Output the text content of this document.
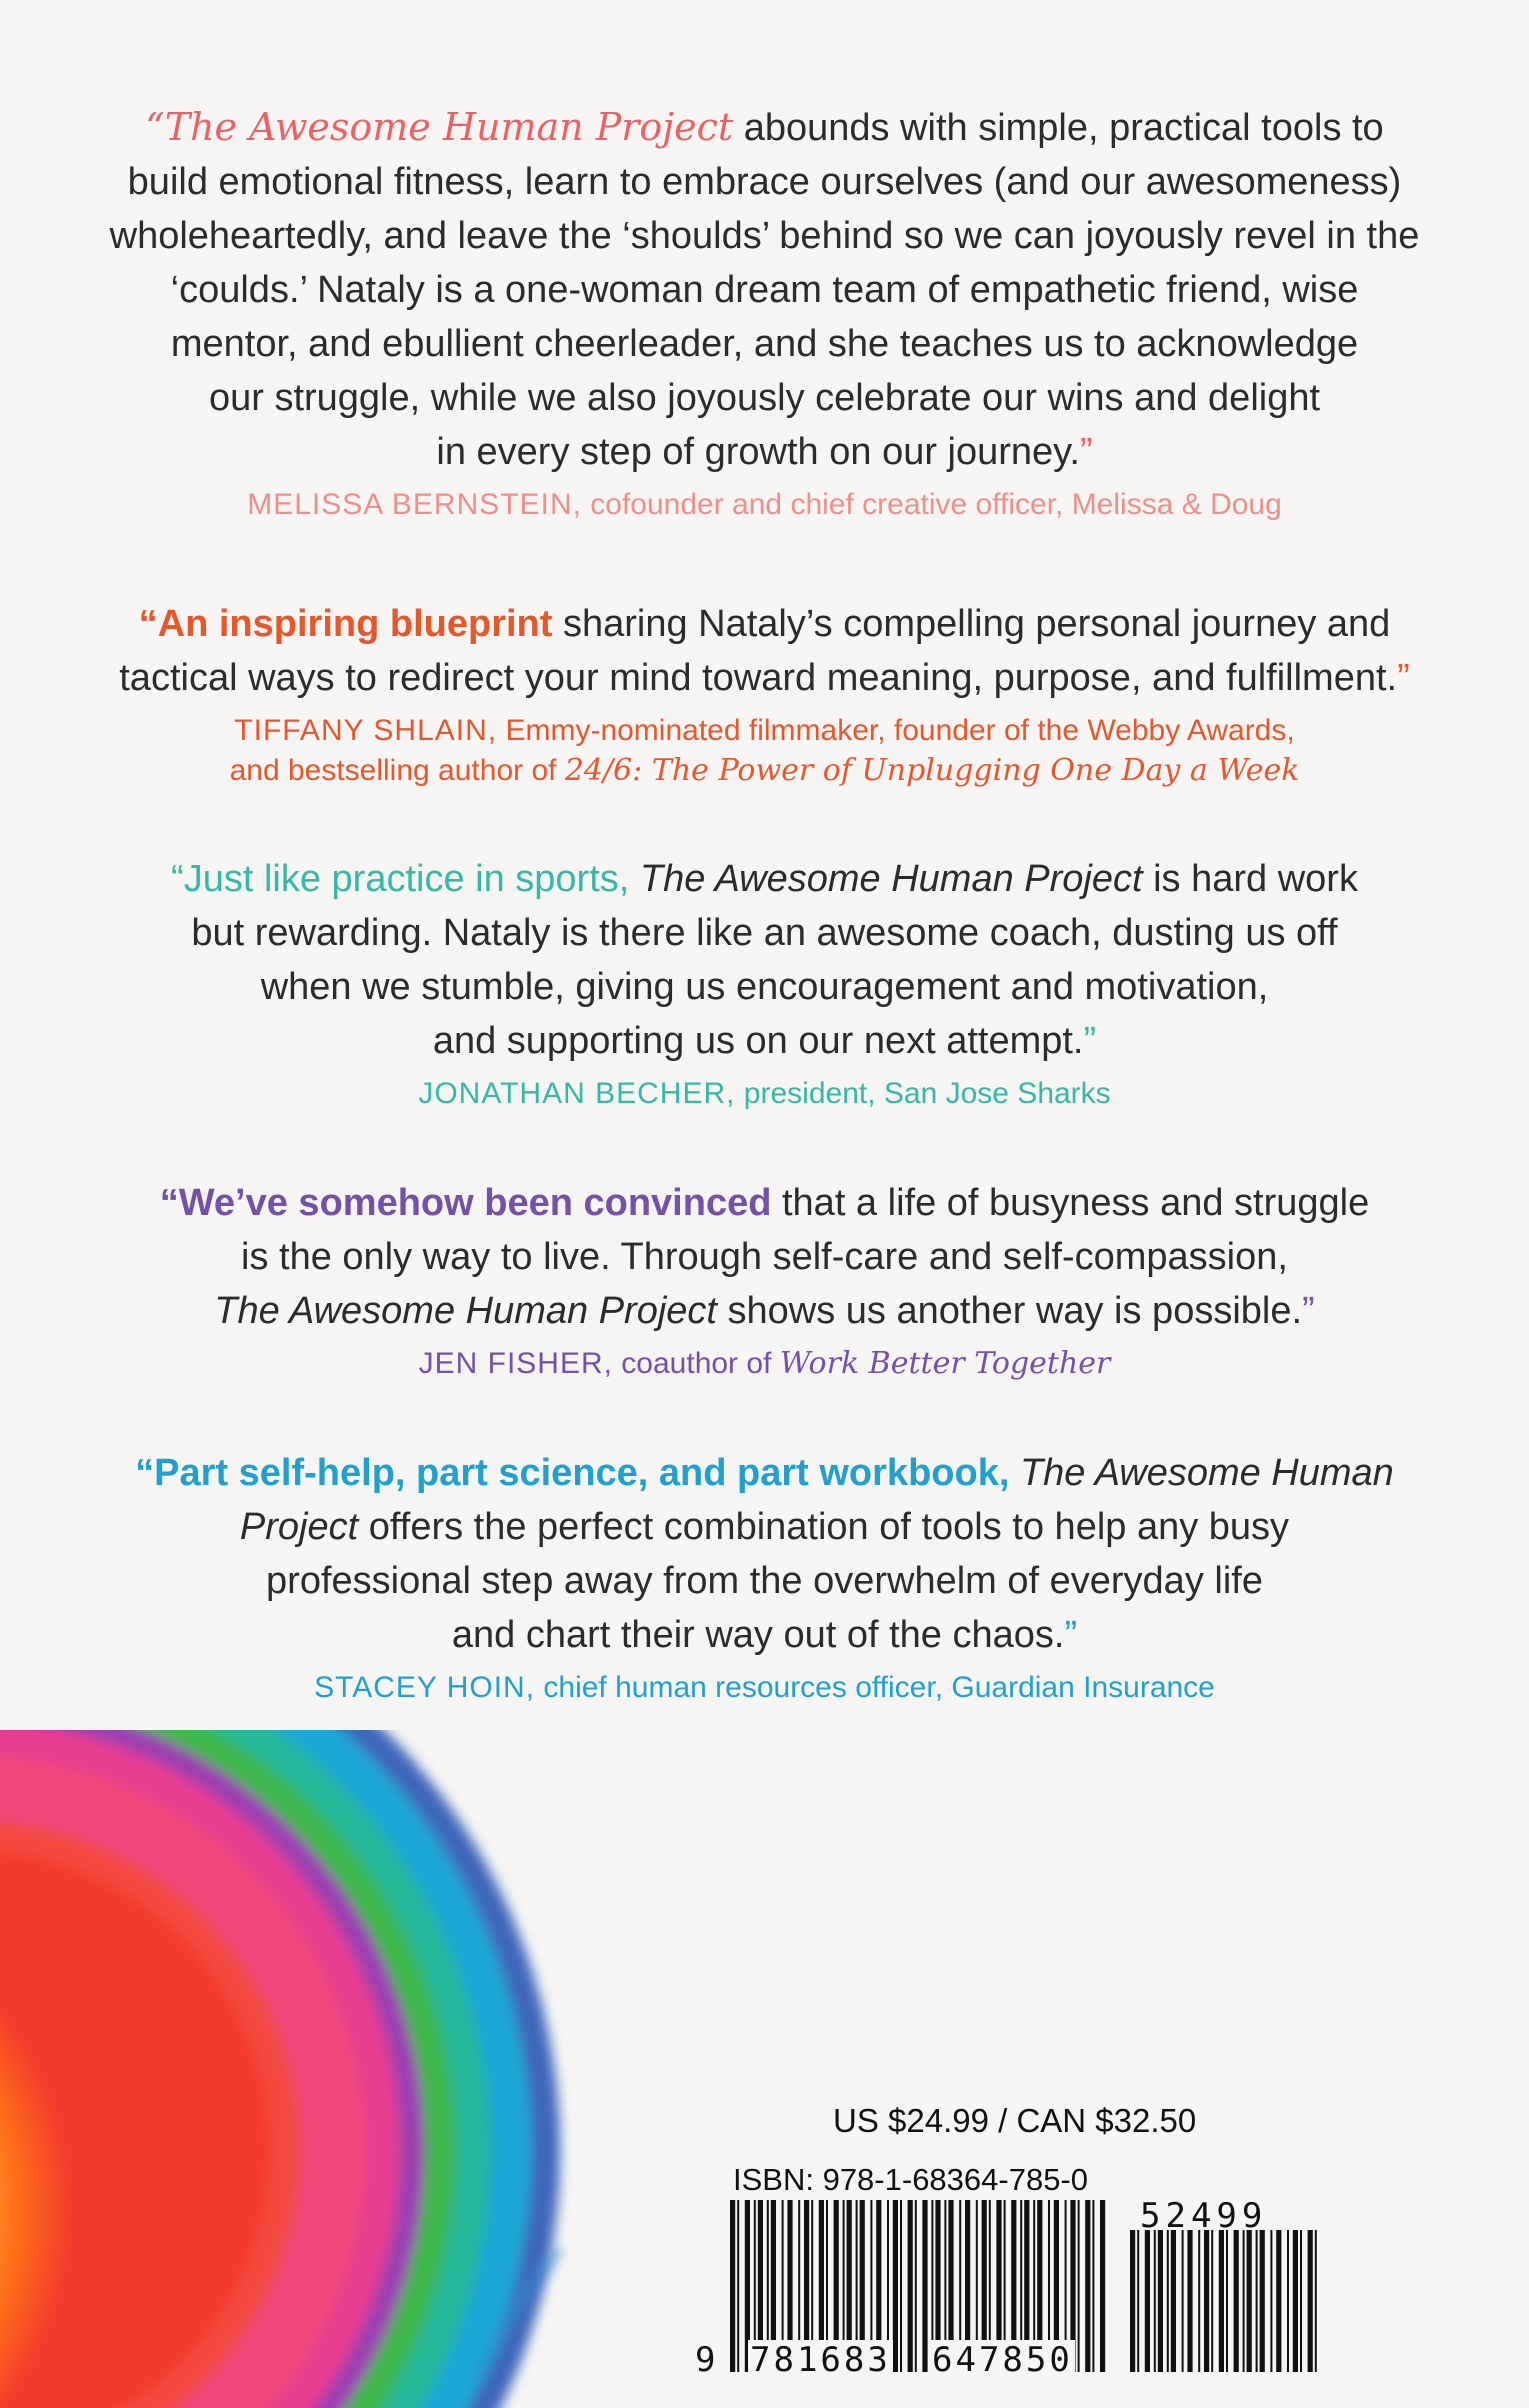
“The Awesome Human Project abounds with simple, practical tools to
build emotional fitness, learn to embrace ourselves (and our awesomeness)
wholeheartedly, and leave the ‘shoulds’ behind so we can joyously revel in the
‘coulds.’ Nataly is a one-woman dream team of empathetic friend, wise
mentor, and ebullient cheerleader, and she teaches us to acknowledge
our struggle, while we also joyously celebrate our wins and delight
in every step of growth on our journey.”
MELISSA BERNSTEIN, cofounder and chief creative officer, Melissa & Doug
“An inspiring blueprint sharing Nataly’s compelling personal journey and
tactical ways to redirect your mind toward meaning, purpose, and fulfillment.”
TIFFANY SHLAIN, Emmy-nominated filmmaker, founder of the Webby Awards,
and bestselling author of 24/6: The Power of Unplugging One Day a Week
“Just like practice in sports, The Awesome Human Project is hard work
but rewarding. Nataly is there like an awesome coach, dusting us off
when we stumble, giving us encouragement and motivation,
and supporting us on our next attempt.”
JONATHAN BECHER, president, San Jose Sharks
“We’ve somehow been convinced that a life of busyness and struggle
is the only way to live. Through self-care and self-compassion,
The Awesome Human Project shows us another way is possible.”
JEN FISHER, coauthor of Work Better Together
“Part self-help, part science, and part workbook, The Awesome Human
Project offers the perfect combination of tools to help any busy
professional step away from the overwhelm of everyday life
and chart their way out of the chaos.”
STACEY HOIN, chief human resources officer, Guardian Insurance
US $24.99 / CAN $32.50
ISBN: 978-1-68364-785-0
52499
9 781683 647850
